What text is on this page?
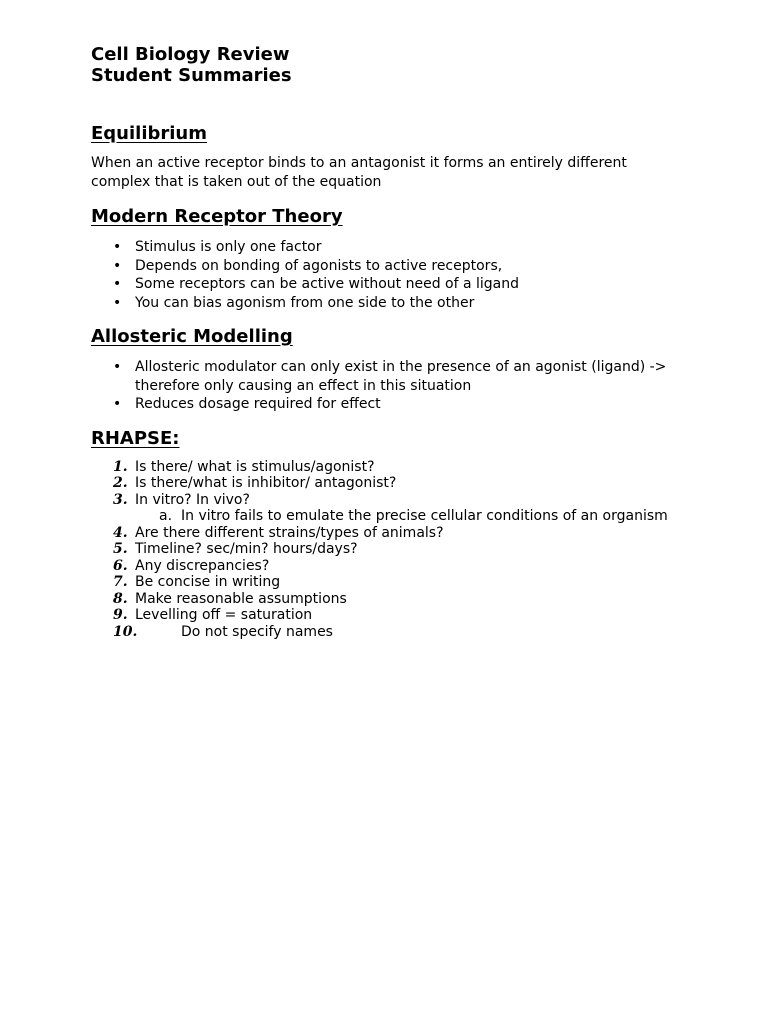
Cell Biology Review
Student Summaries
Equilibrium

When an active receptor binds to an antagonist it forms an entirely different
complex that is taken out of the equation

Modern Receptor Theory
• Stimulus is only one factor
• Depends on bonding of agonists to active receptors,
• Some receptors can be active without need of a ligand
• You can bias agonism from one side to the other
Allosteric Modelling
• Allosteric modulator can only exist in the presence of an agonist (ligand) ->
therefore only causing an effect in this situation
• Reduces dosage required for effect
RHAPSE:
1. Is there/ what is stimulus/agonist?
2. Is there/what is inhibitor/ antagonist?
3. In vitro? In vivo?
a. In vitro fails to emulate the precise cellular conditions of an organism
4. Are there different strains/types of animals?
5. Timeline? sec/min? hours/days?
6. Any discrepancies?
7. Be concise in writing
8. Make reasonable assumptions
9. Levelling off = saturation
10.	Do not specify names
